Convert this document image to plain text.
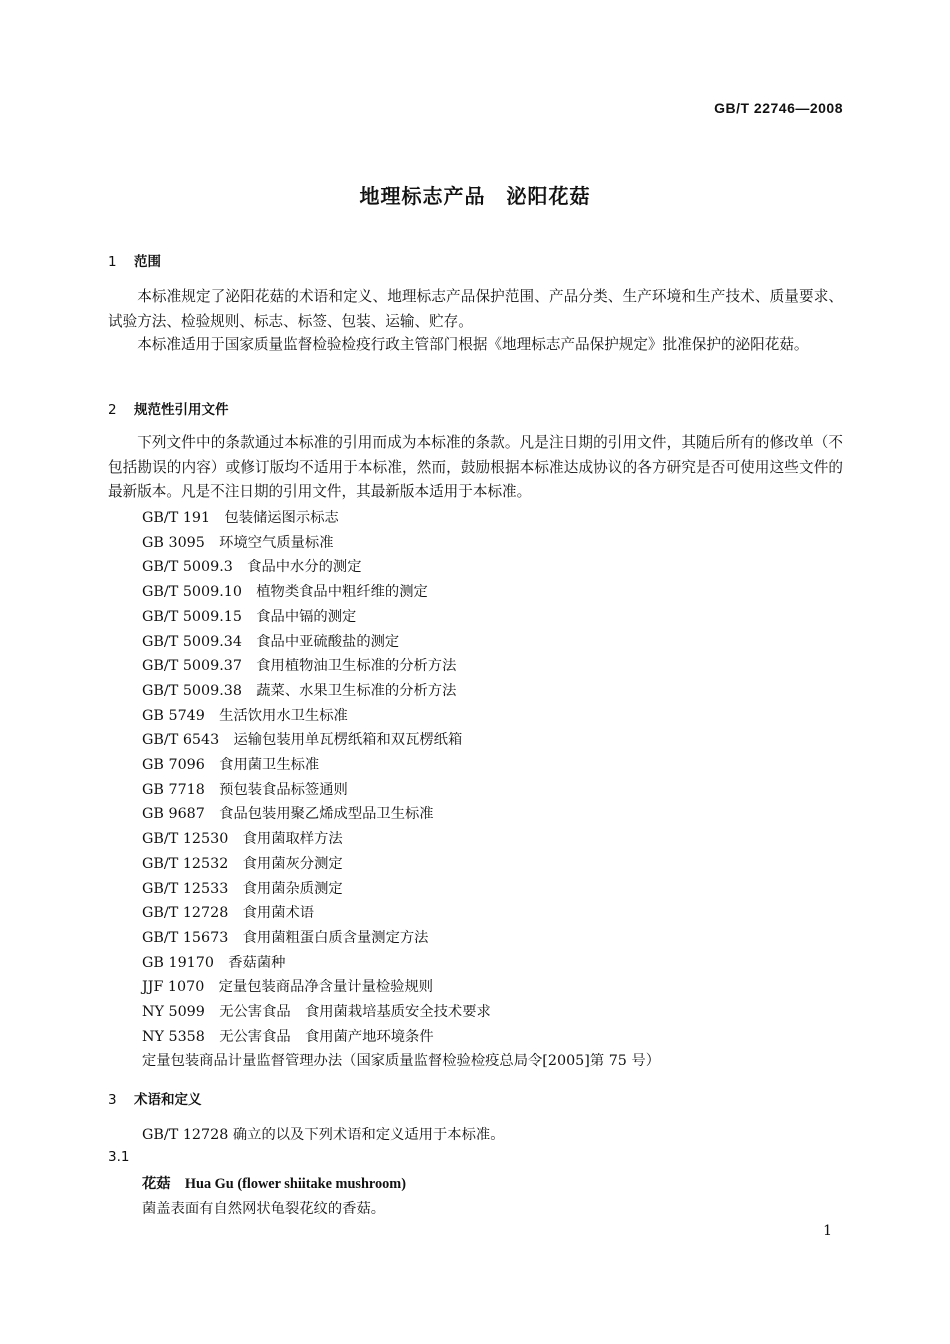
GB/T 22746—2008
地理标志产品　泌阳花菇
1 范围
本标准规定了泌阳花菇的术语和定义、地理标志产品保护范围、产品分类、生产环境和生产技术、质量要求、试验方法、检验规则、标志、标签、包装、运输、贮存。
本标准适用于国家质量监督检验检疫行政主管部门根据《地理标志产品保护规定》批准保护的泌阳花菇。
2 规范性引用文件
下列文件中的条款通过本标准的引用而成为本标准的条款。凡是注日期的引用文件，其随后所有的修改单（不包括勘误的内容）或修订版均不适用于本标准，然而，鼓励根据本标准达成协议的各方研究是否可使用这些文件的最新版本。凡是不注日期的引用文件，其最新版本适用于本标准。
GB/T 191 包装储运图示标志
GB 3095 环境空气质量标准
GB/T 5009.3 食品中水分的测定
GB/T 5009.10 植物类食品中粗纤维的测定
GB/T 5009.15 食品中镉的测定
GB/T 5009.34 食品中亚硫酸盐的测定
GB/T 5009.37 食用植物油卫生标准的分析方法
GB/T 5009.38 蔬菜、水果卫生标准的分析方法
GB 5749 生活饮用水卫生标准
GB/T 6543 运输包装用单瓦楞纸箱和双瓦楞纸箱
GB 7096 食用菌卫生标准
GB 7718 预包装食品标签通则
GB 9687 食品包装用聚乙烯成型品卫生标准
GB/T 12530 食用菌取样方法
GB/T 12532 食用菌灰分测定
GB/T 12533 食用菌杂质测定
GB/T 12728 食用菌术语
GB/T 15673 食用菌粗蛋白质含量测定方法
GB 19170 香菇菌种
JJF 1070 定量包装商品净含量计量检验规则
NY 5099 无公害食品　食用菌栽培基质安全技术要求
NY 5358 无公害食品　食用菌产地环境条件
定量包装商品计量监督管理办法（国家质量监督检验检疫总局令[2005]第 75 号）
3 术语和定义
GB/T 12728 确立的以及下列术语和定义适用于本标准。
3.1
花菇　 Hua Gu (flower shiitake mushroom)
菌盖表面有自然网状龟裂花纹的香菇。
1
